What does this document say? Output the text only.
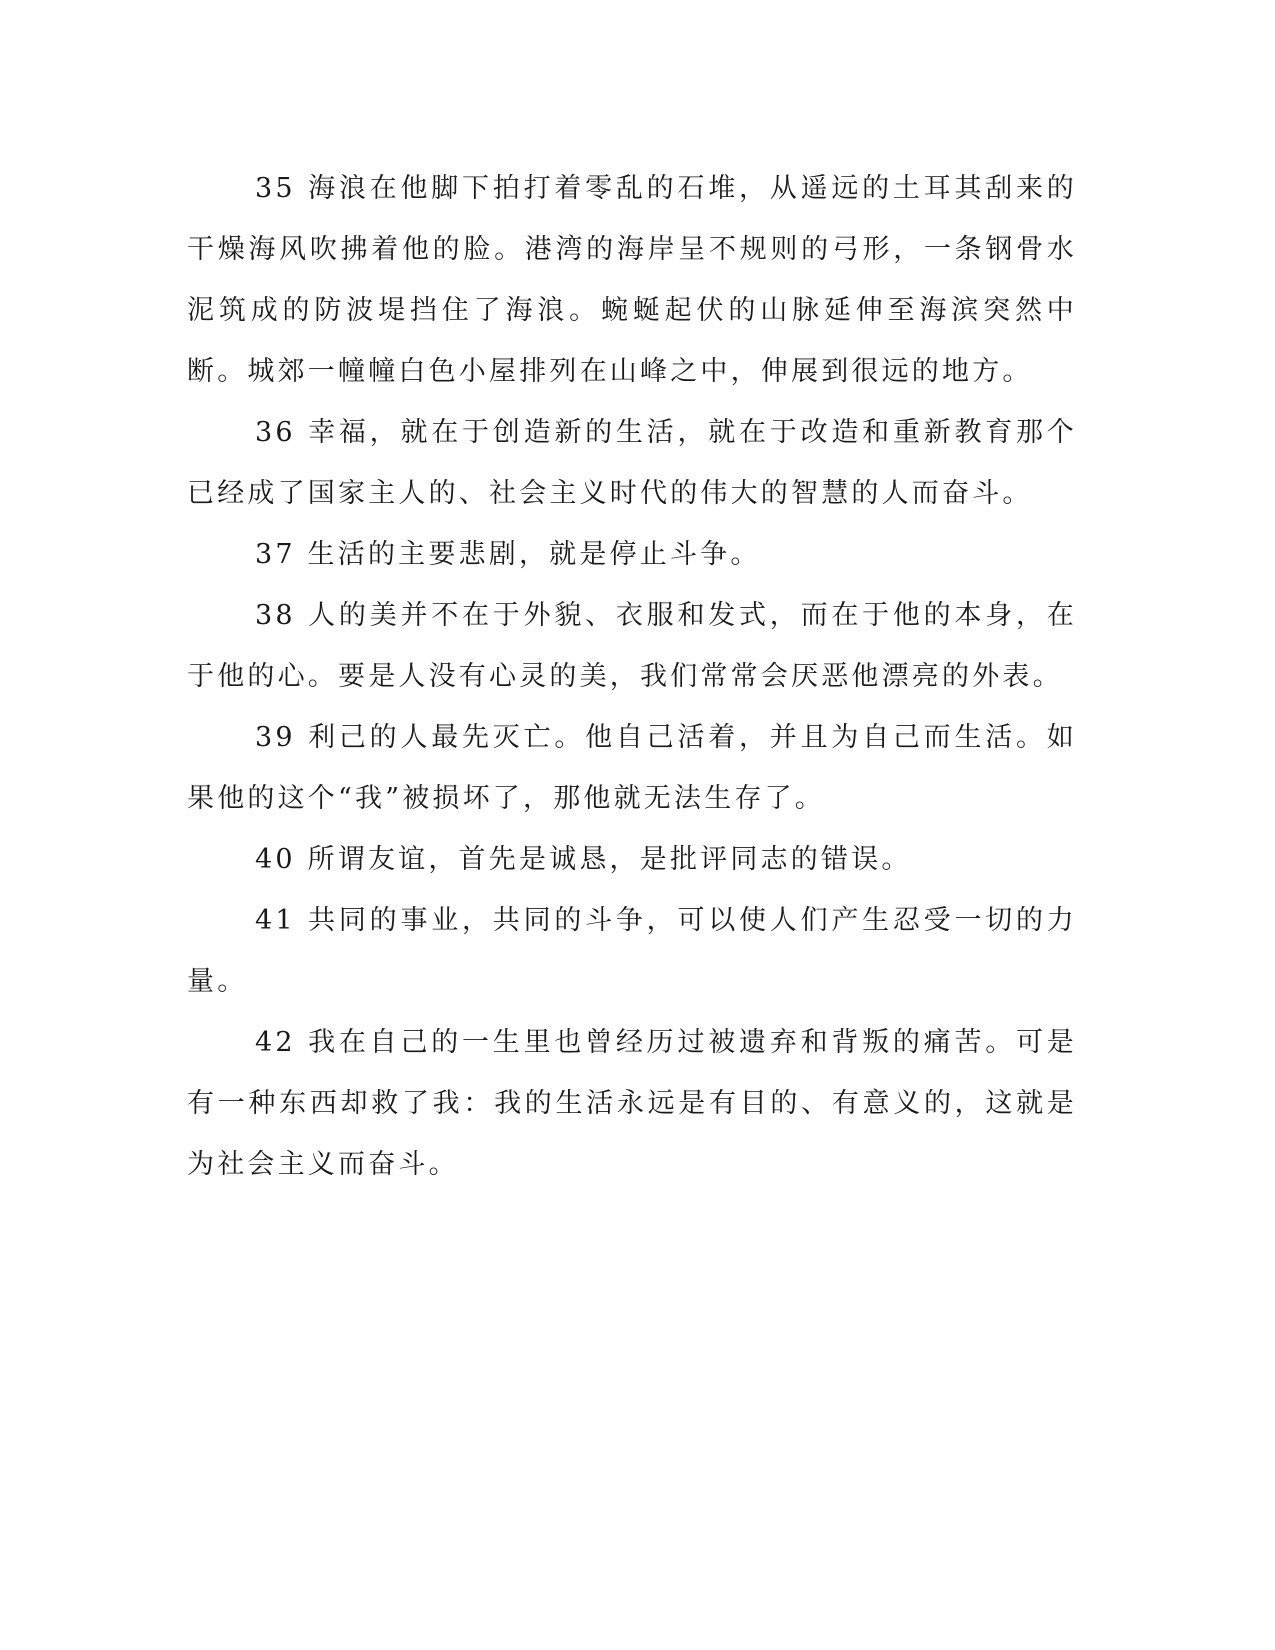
35 海浪在他脚下拍打着零乱的石堆，从遥远的土耳其刮来的干燥海风吹拂着他的脸。港湾的海岸呈不规则的弓形，一条钢骨水泥筑成的防波堤挡住了海浪。蜿蜒起伏的山脉延伸至海滨突然中断。城郊一幢幢白色小屋排列在山峰之中，伸展到很远的地方。

36 幸福，就在于创造新的生活，就在于改造和重新教育那个已经成了国家主人的、社会主义时代的伟大的智慧的人而奋斗。

37 生活的主要悲剧，就是停止斗争。

38 人的美并不在于外貌、衣服和发式，而在于他的本身，在于他的心。要是人没有心灵的美，我们常常会厌恶他漂亮的外表。

39 利己的人最先灭亡。他自己活着，并且为自己而生活。如果他的这个“我”被损坏了，那他就无法生存了。

40 所谓友谊，首先是诚恳，是批评同志的错误。

41 共同的事业，共同的斗争，可以使人们产生忍受一切的力量。

42 我在自己的一生里也曾经历过被遗弃和背叛的痛苦。可是有一种东西却救了我：我的生活永远是有目的、有意义的，这就是为社会主义而奋斗。
